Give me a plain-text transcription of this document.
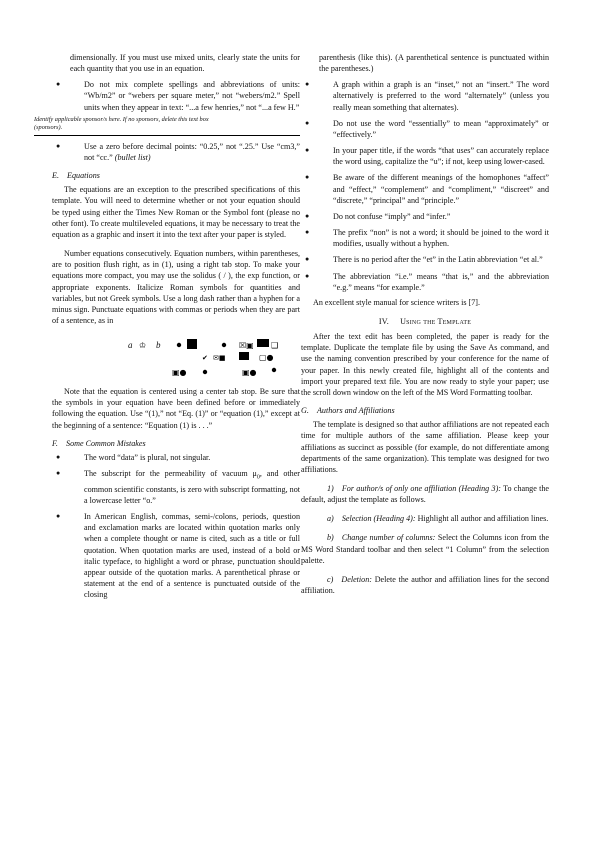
dimensionally. If you must use mixed units, clearly state the units for each quantity that you use in an equation.
● Do not mix complete spellings and abbreviations of units: “Wb/m2” or “webers per square meter,” not “webers/m2.” Spell units when they appear in text: “...a few henries,” not “...a few H.”
Identify applicable sponsor/s here. If no sponsors, delete this text box
(sponsors).
● Use a zero before decimal points: “0.25,” not “.25.” Use “cm3,” not “cc.” (bullet list)

E. Equations

The equations are an exception to the prescribed specifications of this template. You will need to determine whether or not your equation should be typed using either the Times New Roman or the Symbol font (please no other font). To create multileveled equations, it may be necessary to treat the equation as a graphic and insert it into the text after your paper is styled.

Number equations consecutively. Equation numbers, within parentheses, are to position flush right, as in (1), using a right tab stop. To make your equations more compact, you may use the solidus ( / ), the exp function, or appropriate exponents. Italicize Roman symbols for quantities and variables, but not Greek symbols. Use a long dash rather than a hyphen for a minus sign. Punctuate equations with commas or periods when they are part of a sentence, as in

a	b
♔	☒▣ ❑
✔ ✉■	▢●
▣●	▣●

Note that the equation is centered using a center tab stop. Be sure that the symbols in your equation have been defined before or immediately following the equation. Use “(1),” not “Eq. (1)” or “equation (1),” except at the beginning of a sentence: “Equation (1) is . . .”

F. Some Common Mistakes

● The word “data” is plural, not singular.
● The subscript for the permeability of vacuum $\mu_0$, and other common scientific constants, is zero with subscript formatting, not a lowercase letter “o.”
● In American English, commas, semi-/colons, periods, question and exclamation marks are located within quotation marks only when a complete thought or name is cited, such as a title or full quotation. When quotation marks are used, instead of a bold or italic typeface, to highlight a word or phrase, punctuation should appear outside of the quotation marks. A parenthetical phrase or statement at the end of a sentence is punctuated outside of the closing
parenthesis (like this). (A parenthetical sentence is punctuated within the parentheses.)
● A graph within a graph is an “inset,” not an “insert.” The word alternatively is preferred to the word “alternately” (unless you really mean something that alternates).
● Do not use the word “essentially” to mean “approximately” or “effectively.”
● In your paper title, if the words “that uses” can accurately replace the word using, capitalize the “u”; if not, keep using lower-cased.
● Be aware of the different meanings of the homophones “affect” and “effect,” “complement” and “compliment,” “discreet” and “discrete,” “principal” and “principle.”
● Do not confuse “imply” and “infer.”
● The prefix “non” is not a word; it should be joined to the word it modifies, usually without a hyphen.
● There is no period after the “et” in the Latin abbreviation “et al.”
● The abbreviation “i.e.” means “that is,” and the abbreviation “e.g.” means “for example.”

An excellent style manual for science writers is [7].

IV. Using the Template

After the text edit has been completed, the paper is ready for the template. Duplicate the template file by using the Save As command, and use the naming convention prescribed by your conference for the name of your paper. In this newly created file, highlight all of the contents and import your prepared text file. You are now ready to style your paper; use the scroll down window on the left of the MS Word Formatting toolbar.

G. Authors and Affiliations

The template is designed so that author affiliations are not repeated each time for multiple authors of the same affiliation. Please keep your affiliations as succinct as possible (for example, do not differentiate among departments of the same organization). This template was designed for two affiliations.

1) For author/s of only one affiliation (Heading 3): To change the default, adjust the template as follows.

a) Selection (Heading 4): Highlight all author and affiliation lines.

b) Change number of columns: Select the Columns icon from the MS Word Standard toolbar and then select “1 Column” from the selection palette.

c) Deletion: Delete the author and affiliation lines for the second affiliation.
